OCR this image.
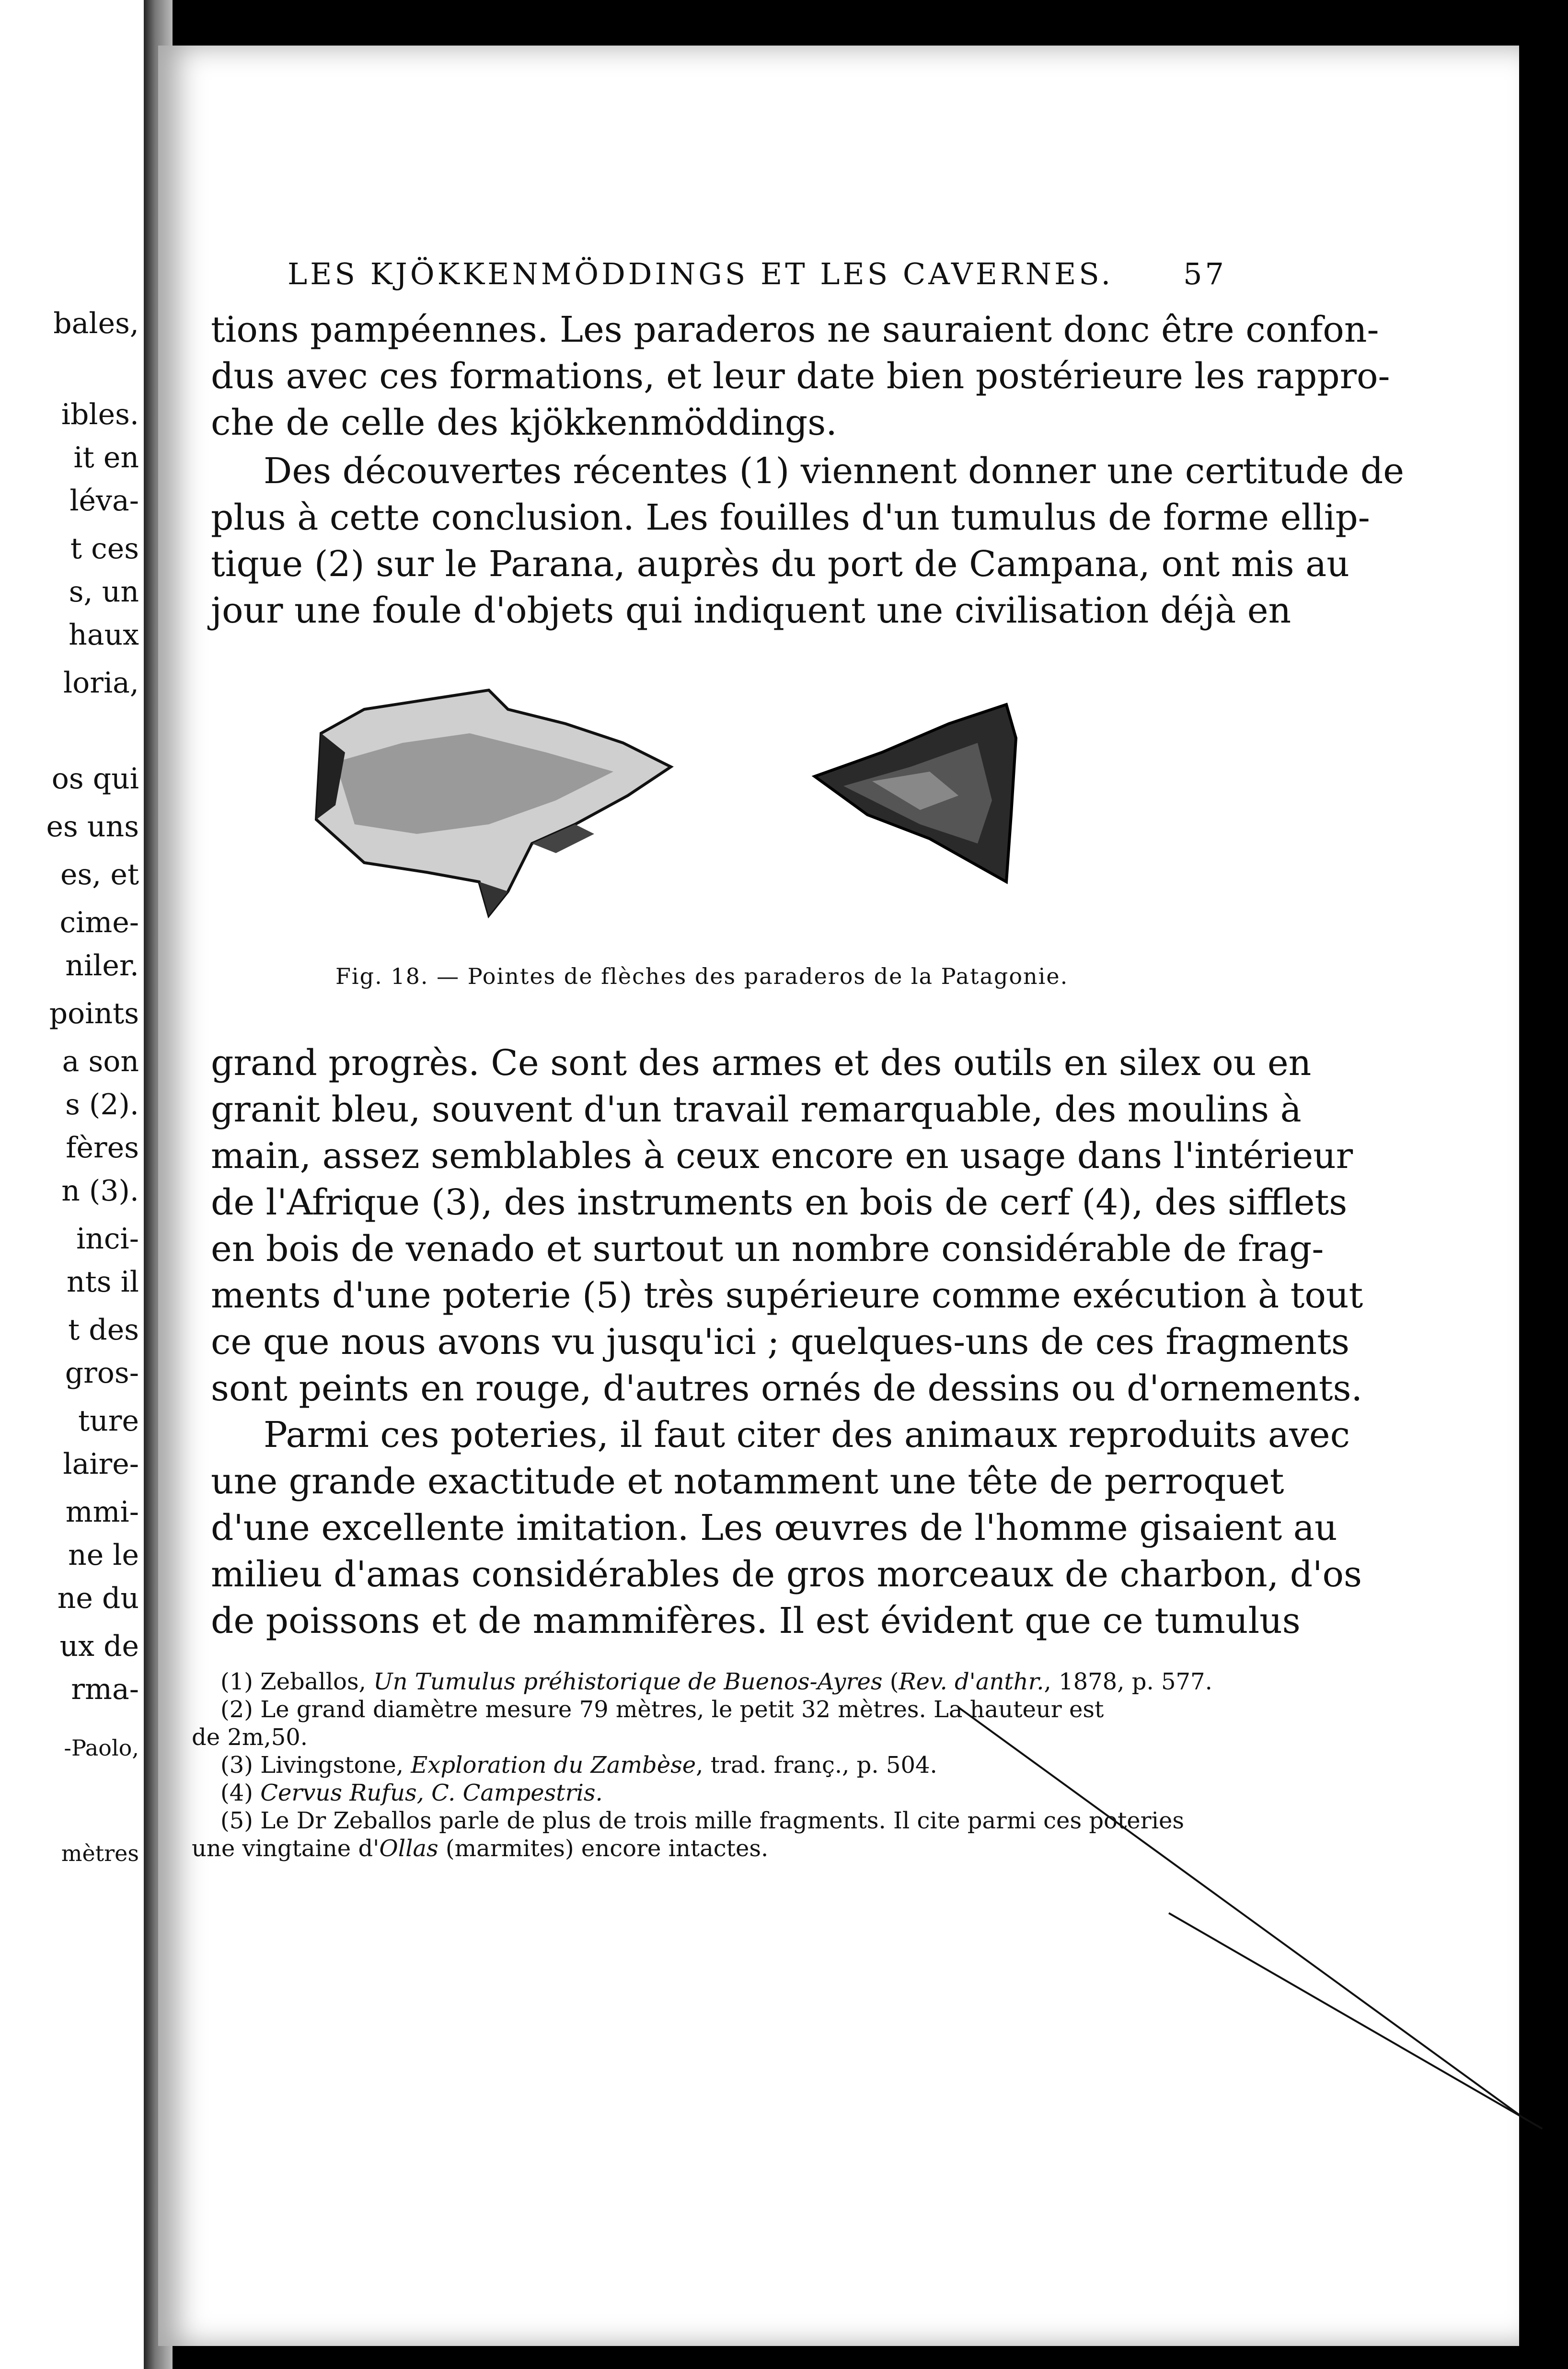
bales,
ibles.
it en
léva-
t ces
s, un
haux
loria,
os qui
es uns
es, et
cime-
niler.
points
a son
s (2).
fères
n (3).
inci-
nts il
t des
gros-
ture
laire-
mmi-
ne le
ne du
ux de
rma-
-Paolo,
mètres
LES KJÖKKENMÖDDINGS ET LES CAVERNES. 57
tions pampéennes. Les paraderos ne sauraient donc être confon-
dus avec ces formations, et leur date bien postérieure les rappro-
che de celle des kjökkenmöddings.
Des découvertes récentes (1) viennent donner une certitude de
plus à cette conclusion. Les fouilles d'un tumulus de forme ellip-
tique (2) sur le Parana, auprès du port de Campana, ont mis au
jour une foule d'objets qui indiquent une civilisation déjà en
Fig. 18. — Pointes de flèches des paraderos de la Patagonie.
grand progrès. Ce sont des armes et des outils en silex ou en
granit bleu, souvent d'un travail remarquable, des moulins à
main, assez semblables à ceux encore en usage dans l'intérieur
de l'Afrique (3), des instruments en bois de cerf (4), des sifflets
en bois de venado et surtout un nombre considérable de frag-
ments d'une poterie (5) très supérieure comme exécution à tout
ce que nous avons vu jusqu'ici ; quelques-uns de ces fragments
sont peints en rouge, d'autres ornés de dessins ou d'ornements.
Parmi ces poteries, il faut citer des animaux reproduits avec
une grande exactitude et notamment une tête de perroquet
d'une excellente imitation. Les œuvres de l'homme gisaient au
milieu d'amas considérables de gros morceaux de charbon, d'os
de poissons et de mammifères. Il est évident que ce tumulus
(1) Zeballos, Un Tumulus préhistorique de Buenos-Ayres (Rev. d'anthr., 1878, p. 577.
(2) Le grand diamètre mesure 79 mètres, le petit 32 mètres. La hauteur est
de 2m,50.
(3) Livingstone, Exploration du Zambèse, trad. franç., p. 504.
(4) Cervus Rufus, C. Campestris.
(5) Le Dr Zeballos parle de plus de trois mille fragments. Il cite parmi ces poteries
une vingtaine d'Ollas (marmites) encore intactes.
